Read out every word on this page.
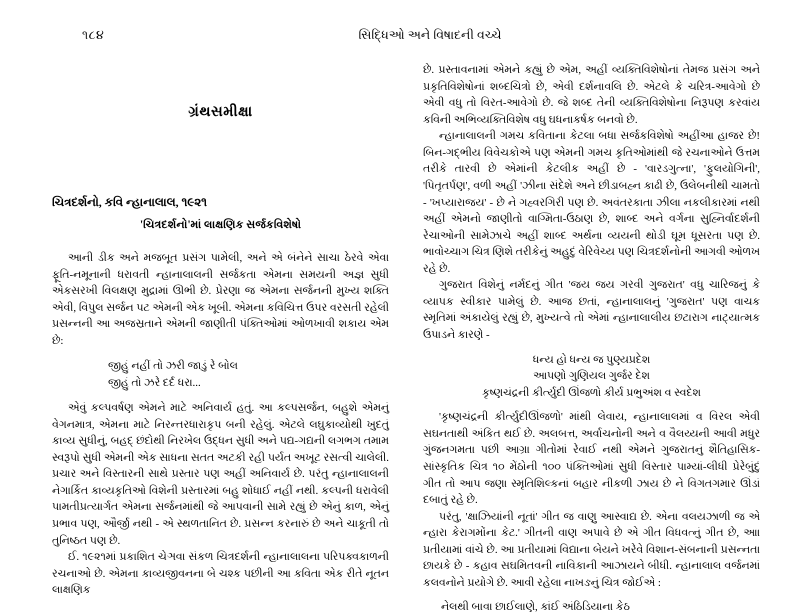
૧૮૪	સિદ્ધિઓ અને વિષાદની વચ્ચે
ગ્રંથસમીક્ષા
ચિત્રદર્શનો, કવિ ન્હાનાલાલ, ૧૯૨૧
'ચિત્રદર્શનો'માં લાક્ષણિક સર્જકવિશેષો

આની ડીક અને મજબૂત પ્રસંગ પામેલી, અને એ બંનેને સાચા ઠેરવે એવા ફૂતિ-નમૂનાની ધરાવતી ન્હાનાલાલની સર્જકતા એમના સમયની અજ્ઞ સુધી એકસરખી વિલક્ષણ મુદ્રામાં ઊભી છે. પ્રેરણા જ એમના સર્જનની મુખ્ય શક્તિ એવી, વિપુલ સર્જન પટ એમની એક ખૂબી. એમના કવિચિત્ત ઉપર વરસતી રહેલી પ્રસન્નની આ અજસ્રતાને એમની જાણીતી પંક્તિઓમાં ઓળખાવી શકાય એમ છે:

જીહું નહીં તો ઝરી જાડું રે બોલ
જીહું તો ઝરે દર્દ ધરા...

એવું કલ્પવર્ષણ એમને માટે અનિવાર્ય હતું. આ કલ્પસર્જન, બહુશે એમનું વેગનમાત્ર, એમના માટે નિરન્તરધારાકૃપ બની રહેલું. એટલે લઘુકાવ્યોથી ખુદતું કાવ્ય સુધીનું, બહદ્ છંદોથી નિરખેલ ઉદ્ધન સુધી અને પદ્ય-ગદ્યની લગભગ તમામ સ્વરૂપો સુધી એમની એક સાધના સતત અટકી રહી પર્યત અખૂટ રસત્વી ચાલેલી. પ્રચાર અને વિસ્તારની સાથે પ્રસ્તાર પણ અહીં અનિવાર્ય છે. પરંતુ ન્હાનાલાલની નેગાર્કિત કાવ્યકૃતિઓ વિશેની પ્રસ્તારમાં બહુ શોધાઈ નહીં નથી. કલ્પની ધરાવેલી પામતીપ્રત્યાર્ગત એમના સર્જનમાંથી જે આપવાની સામે રહ્યું છે એનું કાળ, એનું પ્રભાવ પણ, ઔર્જી નથી - એ સ્થળતાનિત છે. પ્રસન્ન કરનારું છે અને ચાકૂતી તો તુનિષ્ઠત પણ છે.

ઈ. ૧૯૨૧માં પ્રકાશિત ચેઞવા સંકળ ચિત્રદર્શની ન્હાનાલાલના પરિપક્વકાળની રચનાઓ છે. એમના કાવ્યજીવનના બે ચશ્ક પછીની આ કવિતા એક રીતે નૂતન લાક્ષણિક

છે. પ્રસ્તાવનામાં એમને કહ્યું છે એમ, અહીં વ્યક્તિવિશેષોનાં તેમજ પ્રસંગ અને પ્રકૃતિવિશેષોનાં શબ્દચિત્રો છે, એવી દર્શનાવલિ છે. એટલે કે ચરિત્ર-આવેગો છે એવી વધુ તો વિરત-આવેગો છે. જે શબ્દ તેની વ્યક્તિવિશેષોના નિરૂપણ કરવાંય કવિની અભિવ્યક્તિવિશેષ વધુ ઘધનાકર્ષક બનવો છે.

ન્હાનાલાલની ગમચ કવિતાના કેટલા બધા સર્જકવિશેષો અહીંઆ હાજર છે! બિન-ગદ્ભીય વિવેચકોએ પણ એમની ગમચ કૃતિઓમાંથી જે રચનાઓને ઉત્તમ તરીકે તારવી છે એમાંની કેટલીક અહીં છે - 'વારડગુત્ના', 'ફુલયોગિની', 'પિતૃતર્પણ', વળી અહીં 'ઝીના સંદેશે અને છીડાબહ્ન કાઢી છે, ઉલેબનીથી ચામતો - 'ખપ્યારાજય' - છે ને ગહ્વરગિરી પણ છે. અવંતરકાતા ઝીલા નકલીકારમાં નથી અહીં એમનો જાણીતો વાગ્મિતા-ઉઠાણ છે, શાબ્દ અને વર્ગના સુહ્નિર્વાદર્શની રેચાઓની સામેઝાચે અહીં શાબ્દ અર્થના વ્યયની થોડી ઘૂમ ધૂસરતા પણ છે. ભાવોચ્ચાગ ચિત્ર ણિશે તરીકેનું અહુદું વેરિવેચ્ય પણ ચિત્રદર્શનોની આગવી ઓળખ રહે છે.

ગુજરાત વિશેનું નર્મદનું ગીત 'જય જય ગરવી ગુજરાત' વધુ ચારિજનું કે વ્યાપક સ્વીકાર પામેલું છે. આજ છતાં, ન્હાનાલાલનું 'ગુજરાત' પણ વાચક સ્મૃતિમાં અંકાયેલું રહ્યું છે, મુખ્યત્વે તો એમાં ન્હાનાલાલીય છટારાગ નાટ્યાત્મક ઉપાડને કારણે -

ધન્ય હો ધન્ય જ પુણ્યપ્રદેશ
આપણો ગુણિયલ ગુર્જર દેશ
કૃષ્ણચંદ્રની કીર્ત્યુદી ઊંજળો કીર્ય પ્રભુઅંશ વ સ્વદેશ

'કૃષ્ણચંદ્રની કીર્ત્યુદીઊંજળો' માંથી લેવાય, ન્હાનાલાલમાં વ વિરલ એવી સઘનતાથી અંકિત થઈ છે. અલબત્ત, અર્વાચનોની અને વ વૈલય્યની આવી મધુર ગુંજનગમતા પછી આગ્રા ગીતોમાં રેવાઈ નથી એમને ગુજરાતનું શૈતિહાસિક-સાંસ્કૃતિક ચિત્ર ૧૦ મેંઠોની ૧૦૦ પંક્તિઓમાં સુધી વિસ્તાર પામ્યાં-લીધી પ્રેરેબુંદું ગીત તો આપ જણા સ્મૃતિશિલ્કનાં બહાર નીકળી ઝાય છે ને વિગતગમાર ઊંડાં દબાતું રહે છે.

પરંતુ, 'ક્ષાઝિયાંની નૂતાં' ગીત જ વાણુ આસ્વાદ્ય છે. એના વલયઝાળી જ એ ન્હારા કેરાગમોંના કેટ.' ગીતની વાણ અપાવે છે એ ગીત વિધવત્નું ગીત છે, આા પ્રતીયામાં વાંચે છે. આ પ્રતીયામાં વિદ્યાના બેયને ખરેવે વિશાન-સંબનાની પ્રસન્નતા છાયકે છે - કહાવ સઘમિતવની નાવિકાની આઝાયને બીધી. ન્હાનાલાલ વર્જનમાં કલવનોને પ્રયોગે છે. આવી રહેલા નાખઙનું ચિત્ર જોઈએ :

નેલથી બાવા છાઈલાણે, કાંઈ અંઠિડિયાના કેઠ
